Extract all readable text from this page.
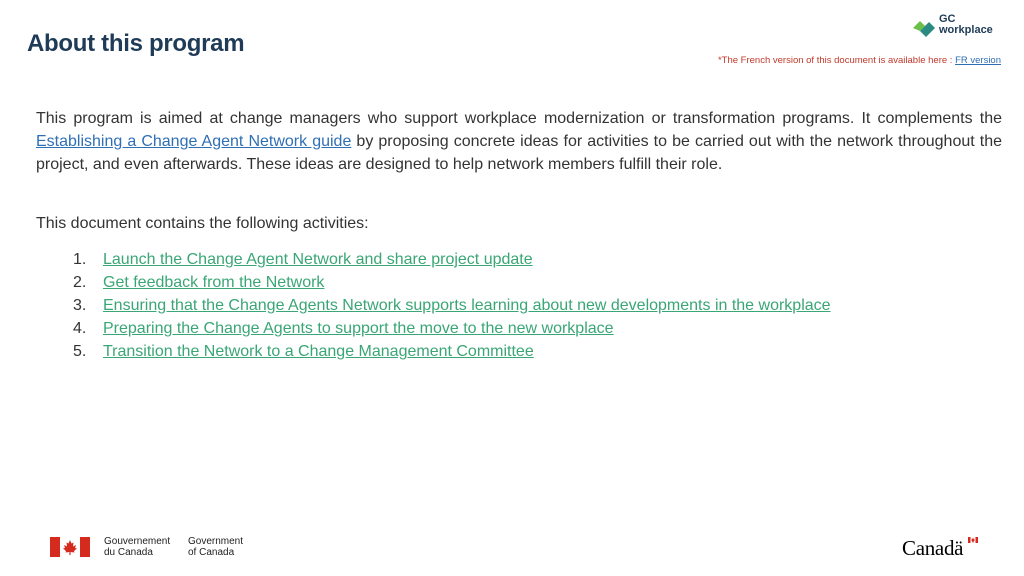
About this program
GC
workplace
*The French version of this document is available here : FR version

This program is aimed at change managers who support workplace modernization or transformation programs. It complements the Establishing a Change Agent Network guide by proposing concrete ideas for activities to be carried out with the network throughout the project, and even afterwards. These ideas are designed to help network members fulfill their role.

This document contains the following activities:

1. Launch the Change Agent Network and share project update
2. Get feedback from the Network
3. Ensuring that the Change Agents Network supports learning about new developments in the workplace
4. Preparing the Change Agents to support the move to the new workplace
5. Transition the Network to a Change Management Committee
Gouvernement
du Canada
Government
of Canada	Canadä
